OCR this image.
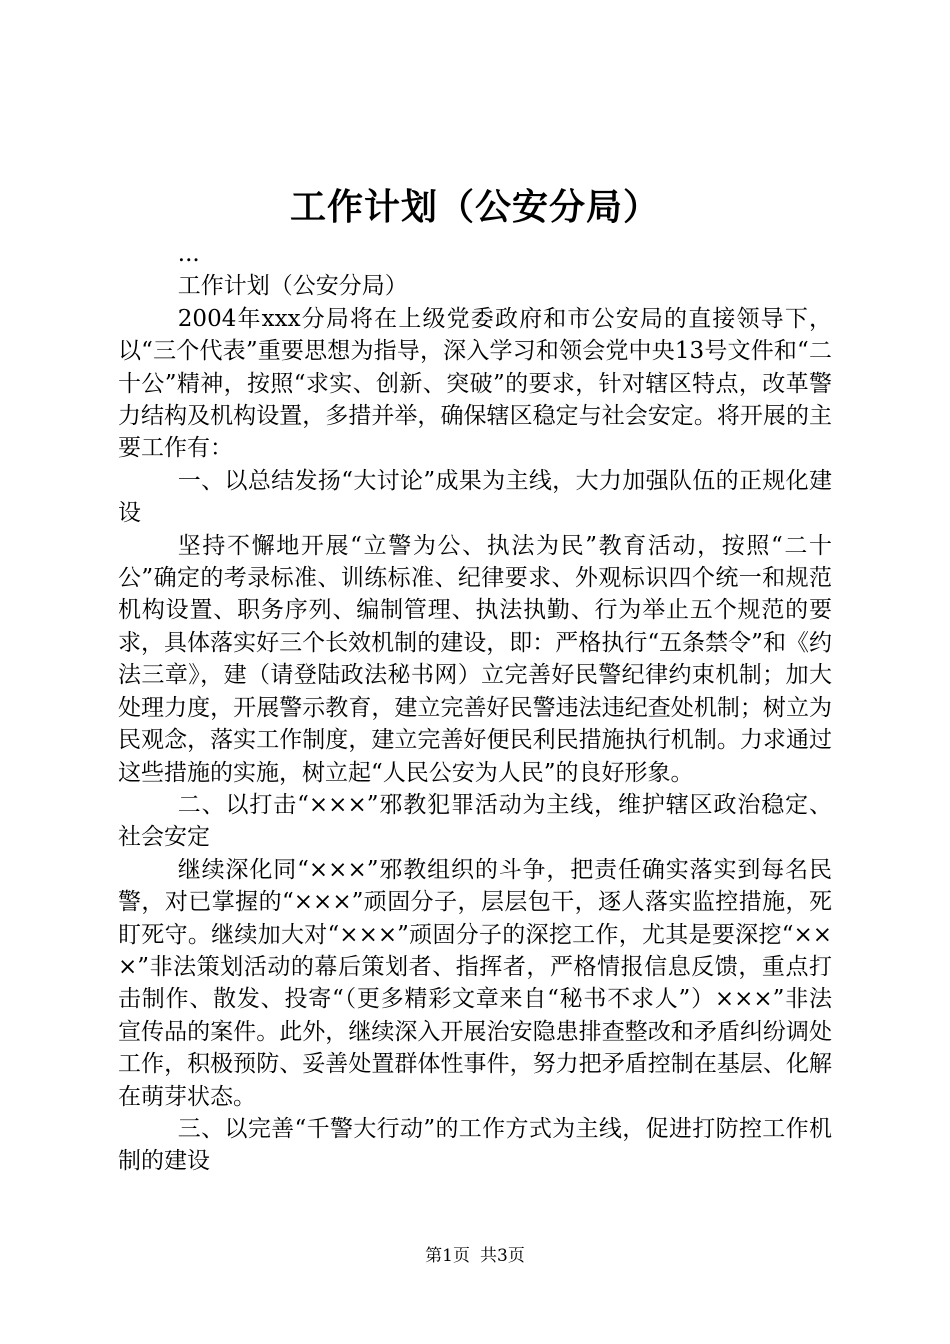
工作计划（公安分局）

...

工作计划（公安分局）

2004年xxx分局将在上级党委政府和市公安局的直接领导下，以“三个代表”重要思想为指导，深入学习和领会党中央13号文件和“二十公”精神，按照“求实、创新、突破”的要求，针对辖区特点，改革警力结构及机构设置，多措并举，确保辖区稳定与社会安定。将开展的主要工作有：

一、以总结发扬“大讨论”成果为主线，大力加强队伍的正规化建设

坚持不懈地开展“立警为公、执法为民”教育活动，按照“二十公”确定的考录标准、训练标准、纪律要求、外观标识四个统一和规范机构设置、职务序列、编制管理、执法执勤、行为举止五个规范的要求，具体落实好三个长效机制的建设，即：严格执行“五条禁令”和《约法三章》，建（请登陆政法秘书网）立完善好民警纪律约束机制；加大处理力度，开展警示教育，建立完善好民警违法违纪查处机制；树立为民观念，落实工作制度，建立完善好便民利民措施执行机制。力求通过这些措施的实施，树立起“人民公安为人民”的良好形象。

二、以打击“×××”邪教犯罪活动为主线，维护辖区政治稳定、社会安定

继续深化同“×××”邪教组织的斗争，把责任确实落实到每名民警，对已掌握的“×××”顽固分子，层层包干，逐人落实监控措施，死盯死守。继续加大对“×××”顽固分子的深挖工作，尤其是要深挖“×××”非法策划活动的幕后策划者、指挥者，严格情报信息反馈，重点打击制作、散发、投寄“（更多精彩文章来自“秘书不求人”）×××”非法宣传品的案件。此外，继续深入开展治安隐患排查整改和矛盾纠纷调处工作，积极预防、妥善处置群体性事件，努力把矛盾控制在基层、化解在萌芽状态。

三、以完善“千警大行动”的工作方式为主线，促进打防控工作机制的建设

第1页 共3页
